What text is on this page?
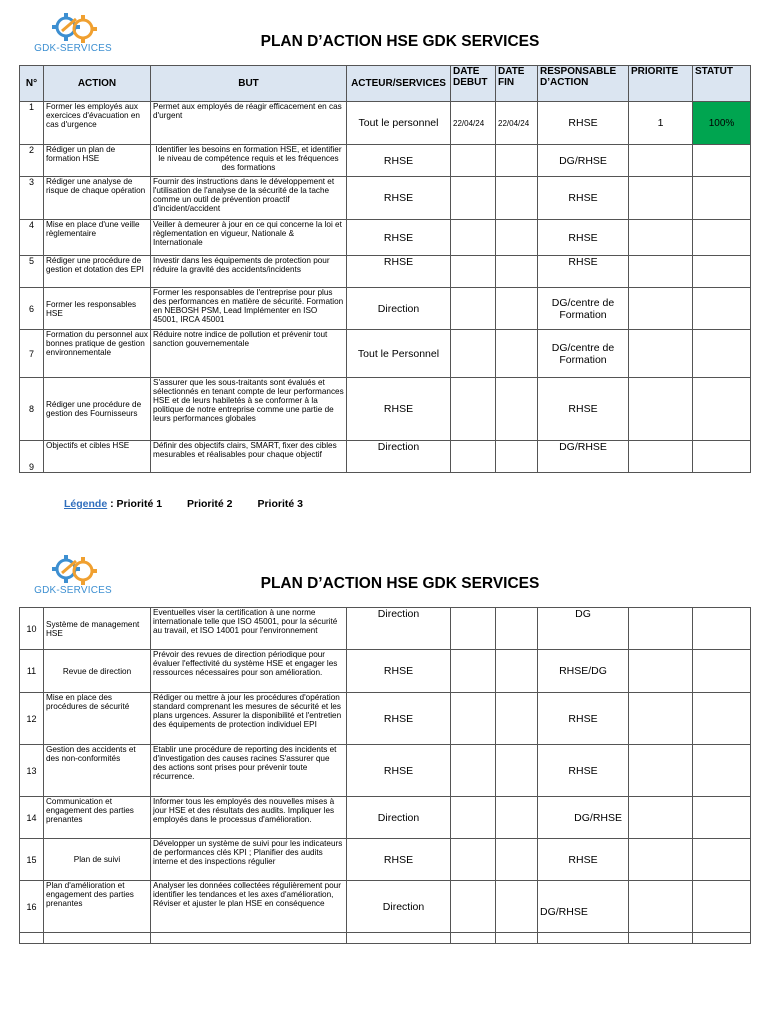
GDK-SERVICES	PLAN D’ACTION HSE GDK SERVICES
N°	ACTION	BUT	ACTEUR/SERVICES	DATE DEBUT	DATE FIN	RESPONSABLE D’ACTION	PRIORITE	STATUT
1	Former les employés aux exercices d'évacuation en cas d'urgence	Permet aux employés de réagir efficacement en cas d'urgent	Tout le personnel	22/04/24	22/04/24	RHSE	1	100%
2	Rédiger un plan de formation HSE	Identifier les besoins en formation HSE, et identifier le niveau de compétence requis et les fréquences des formations	RHSE			DG/RHSE		
3	Rédiger une analyse de risque de chaque opération	Fournir des instructions dans le développement et l'utilisation de l'analyse de la sécurité de la tache comme un outil de prévention proactif d'incident/accident	RHSE			RHSE		
4	Mise en place d'une veille règlementaire	Veiller à demeurer à jour en ce qui concerne la loi et règlementation en vigueur, Nationale & Internationale	RHSE			RHSE		
5	Rédiger une procédure de gestion et dotation des EPI	Investir dans les équipements de protection pour réduire la gravité des accidents/incidents	RHSE			RHSE		
6	Former les responsables HSE	Former les responsables de l'entreprise pour plus des performances en matière de sécurité. Formation en NEBOSH PSM, Lead Implémenter en ISO 45001, IRCA 45001	Direction			DG/centre de Formation		
7	Formation du personnel aux bonnes pratique de gestion environnementale	Réduire notre indice de pollution et prévenir tout sanction gouvernementale	Tout le Personnel			DG/centre de Formation		
8	Rédiger une procédure de gestion des Fournisseurs	S'assurer que les sous-traitants sont évalués et sélectionnés en tenant compte de leur performances HSE et de leurs habiletés à se conformer à la politique de notre entreprise comme une partie de leurs performances globales	RHSE			RHSE		
9	Objectifs et cibles HSE	Définir des objectifs clairs, SMART, fixer des cibles mesurables et réalisables pour chaque objectif	Direction			DG/RHSE		
Légende : Priorité 1 Priorité 2 Priorité 3
GDK-SERVICES	PLAN D’ACTION HSE GDK SERVICES
10	Système de management HSE	Eventuelles viser la certification à une norme internationale telle que ISO 45001, pour la sécurité au travail, et ISO 14001 pour l'environnement	Direction			DG		
11	Revue de direction	Prévoir des revues de direction périodique pour évaluer l'effectivité du système HSE et engager les ressources nécessaires pour son amélioration.	RHSE			RHSE/DG		
12	Mise en place des procédures de sécurité	Rédiger ou mettre à jour les procédures d'opération standard comprenant les mesures de sécurité et les plans urgences. Assurer la disponibilité et l'entretien des équipements de protection individuel EPI	RHSE			RHSE		
13	Gestion des accidents et des non-conformités	Etablir une procédure de reporting des incidents et d'investigation des causes racines S'assurer que des actions sont prises pour prévenir toute récurrence.	RHSE			RHSE		
14	Communication et engagement des parties prenantes	Informer tous les employés des nouvelles mises à jour HSE et des résultats des audits. Impliquer les employés dans le processus d'amélioration.	Direction			DG/RHSE		
15	Plan de suivi	Développer un système de suivi pour les indicateurs de performances clés KPI ; Planifier des audits interne et des inspections régulier	RHSE			RHSE		
16	Plan d'amélioration et engagement des parties prenantes	Analyser les données collectées régulièrement pour identifier les tendances et les axes d'amélioration, Réviser et ajuster le plan HSE en conséquence	Direction			DG/RHSE		
